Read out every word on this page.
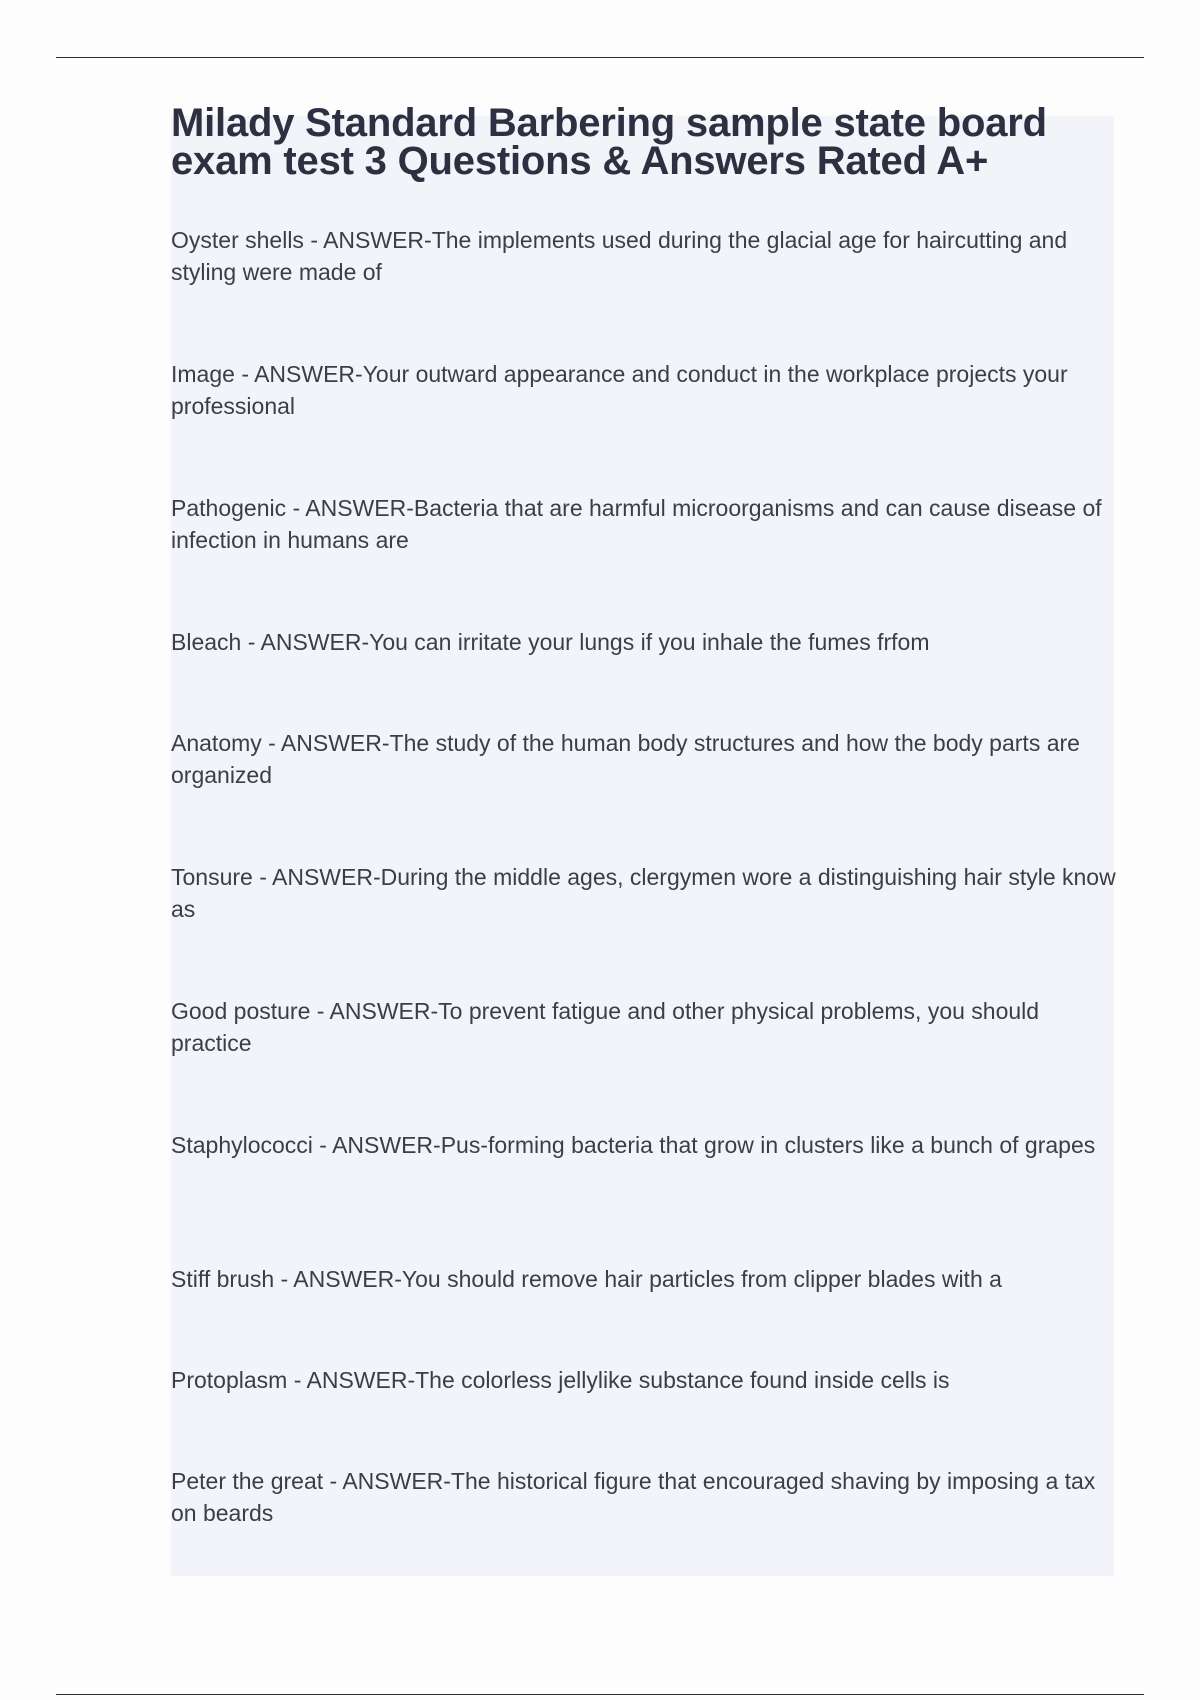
Milady Standard Barbering sample state board exam test 3 Questions & Answers Rated A+
Oyster shells - ANSWER-The implements used during the glacial age for haircutting and styling were made of
Image - ANSWER-Your outward appearance and conduct in the workplace projects your professional
Pathogenic - ANSWER-Bacteria that are harmful microorganisms and can cause disease of infection in humans are
Bleach - ANSWER-You can irritate your lungs if you inhale the fumes frfom
Anatomy - ANSWER-The study of the human body structures and how the body parts are organized
Tonsure - ANSWER-During the middle ages, clergymen wore a distinguishing hair style know as
Good posture - ANSWER-To prevent fatigue and other physical problems, you should practice
Staphylococci - ANSWER-Pus-forming bacteria that grow in clusters like a bunch of grapes
Stiff brush - ANSWER-You should remove hair particles from clipper blades with a
Protoplasm - ANSWER-The colorless jellylike substance found inside cells is
Peter the great - ANSWER-The historical figure that encouraged shaving by imposing a tax on beards
